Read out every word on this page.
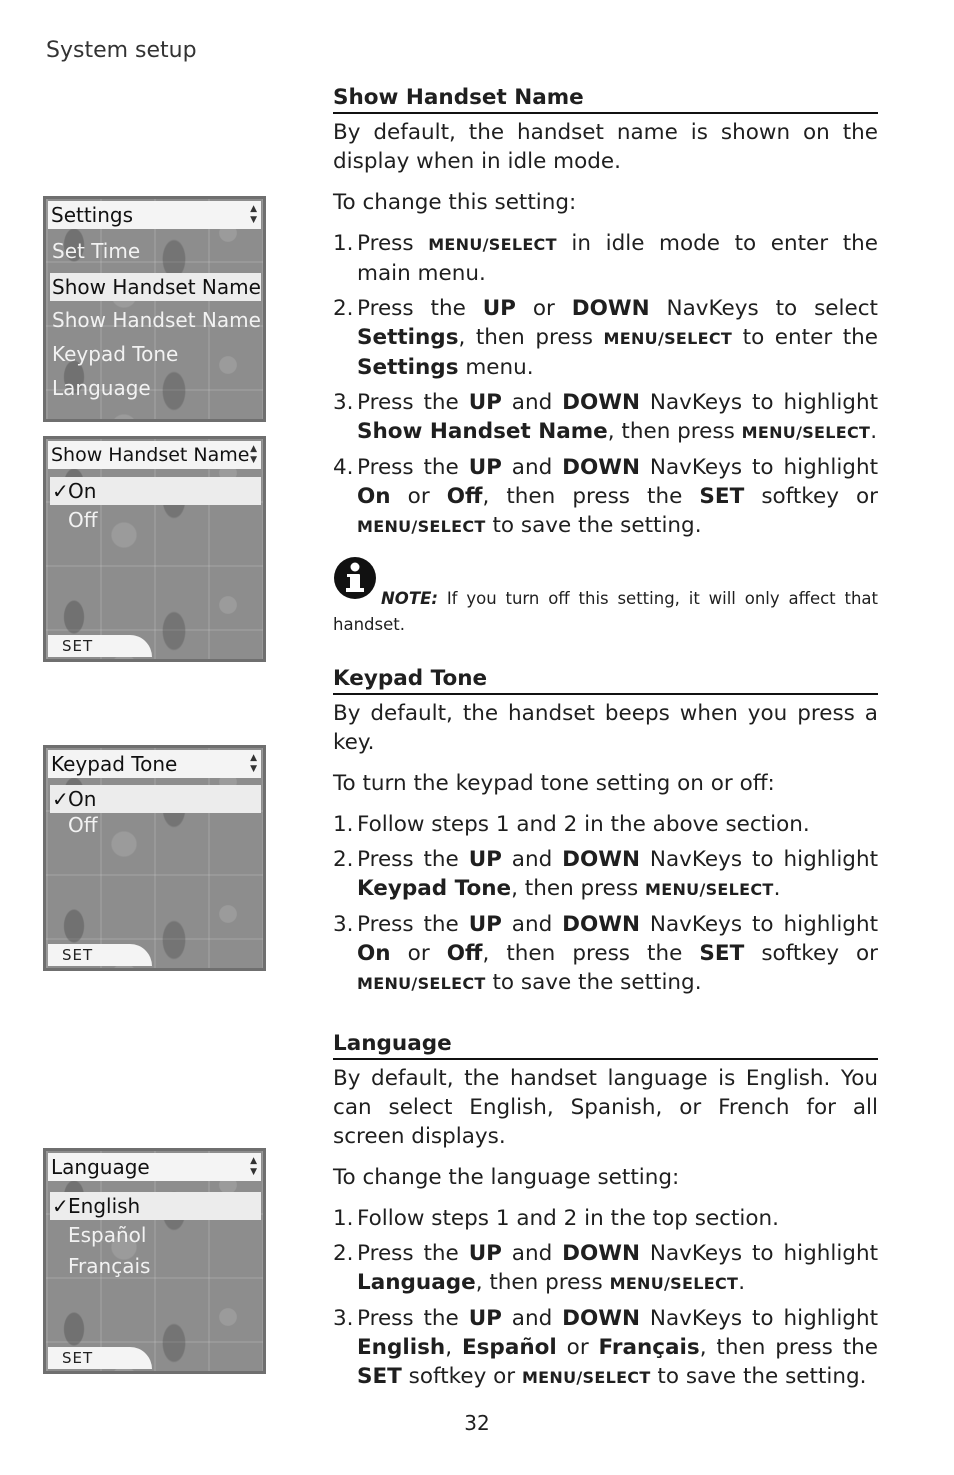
System setup
Settings	▲
▼
Set Time
Show Handset Name
Show Handset Name
Keypad Tone
Language
Show Handset Name ▲
▼
✓On
Off
SET
Keypad Tone	▲
▼
✓On
Off
SET
Language	▲
▼
✓English
Español
Français
SET
Show Handset Name

By default, the handset name is shown on the display when in idle mode.

To change this setting:

1. Press MENU/SELECT in idle mode to enter the main menu.
2. Press the UP or DOWN NavKeys to select Settings, then press MENU/SELECT to enter the Settings menu.
3. Press the UP and DOWN NavKeys to highlight Show Handset Name, then press MENU/SELECT.
4. Press the UP and DOWN NavKeys to highlight On or Off, then press the SET softkey or MENU/SELECT to save the setting.
NOTE: If you turn off this setting, it will only affect that handset.
Keypad Tone

By default, the handset beeps when you press a key.

To turn the keypad tone setting on or off:

1. Follow steps 1 and 2 in the above section.
2. Press the UP and DOWN NavKeys to highlight Keypad Tone, then press MENU/SELECT.
3. Press the UP and DOWN NavKeys to highlight On or Off, then press the SET softkey or MENU/SELECT to save the setting.
Language

By default, the handset language is English. You can select English, Spanish, or French for all screen displays.

To change the language setting:

1. Follow steps 1 and 2 in the top section.
2. Press the UP and DOWN NavKeys to highlight Language, then press MENU/SELECT.
3. Press the UP and DOWN NavKeys to highlight English, Español or Français, then press the SET softkey or MENU/SELECT to save the setting.
32
